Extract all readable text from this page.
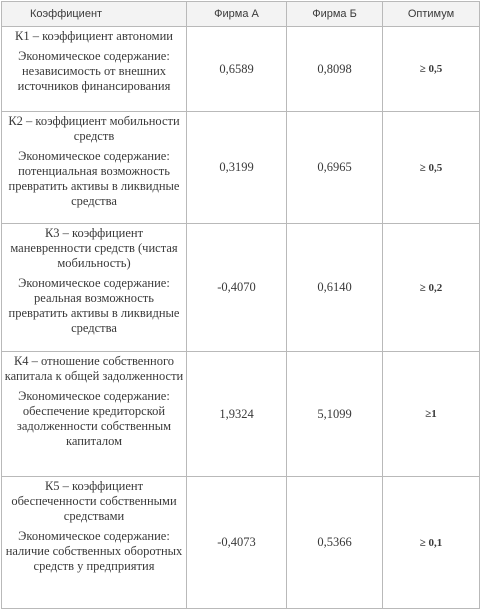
Коэффициент	Фирма А	Фирма Б	Оптимум

К1 – коэффициент автономии
Экономическое содержание: независимость от внешних источников финансирования	0,6589	0,8098	≥ 0,5

К2 – коэффициент мобильности средств
Экономическое содержание: потенциальная возможность превратить активы в ликвидные средства	0,3199	0,6965	≥ 0,5

К3 – коэффициент маневренности средств (чистая мобильность)
Экономическое содержание: реальная возможность превратить активы в ликвидные средства	-0,4070	0,6140	≥ 0,2

К4 – отношение собственного капитала к общей задолженности
Экономическое содержание: обеспечение кредиторской задолженности собственным капиталом	1,9324	5,1099	≥1

К5 – коэффициент обеспеченности собственными средствами
Экономическое содержание: наличие собственных оборотных средств у предприятия	-0,4073	0,5366	≥ 0,1
